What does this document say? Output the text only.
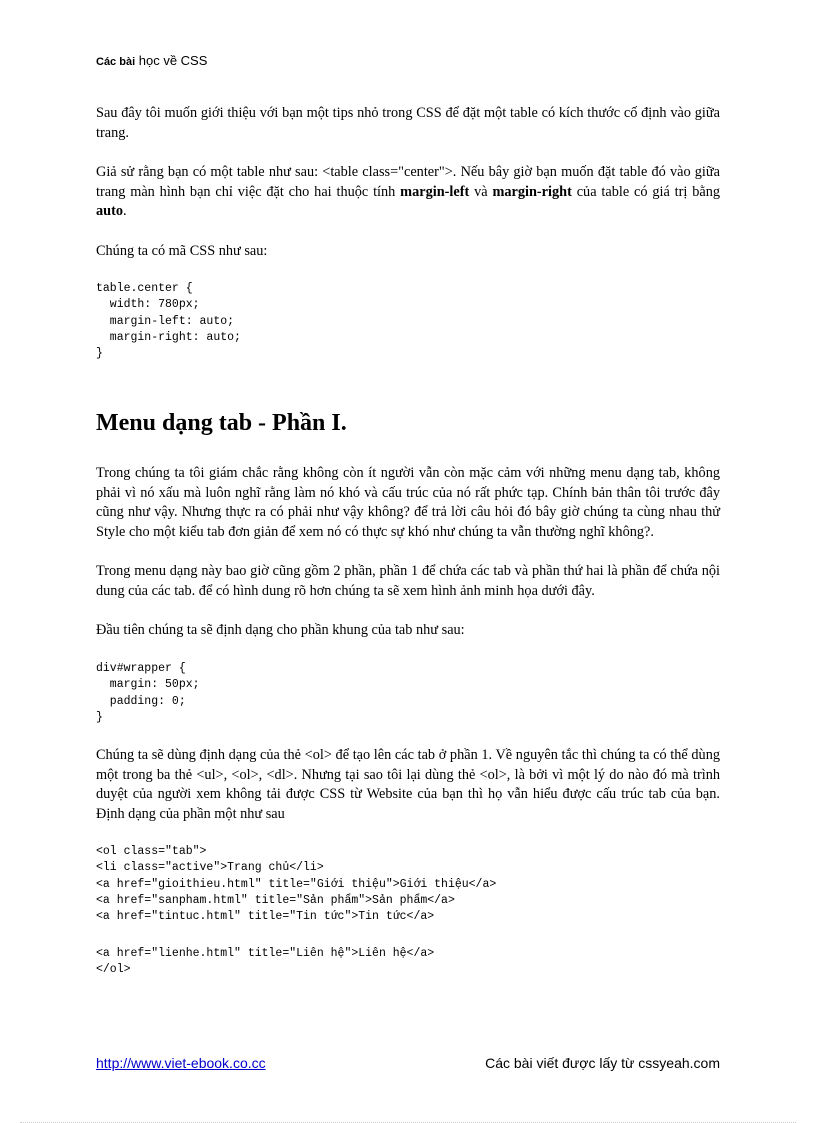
Các bài học về CSS

Sau đây tôi muốn giới thiệu với bạn một tips nhỏ trong CSS để đặt một table có kích thước cố định vào giữa trang.

Giả sử rằng bạn có một table như sau: <table class="center">. Nếu bây giờ bạn muốn đặt table đó vào giữa trang màn hình bạn chỉ việc đặt cho hai thuộc tính margin-left và margin-right của table có giá trị bằng auto.

Chúng ta có mã CSS như sau:

table.center {
width: 780px;
margin-left: auto;
margin-right: auto;
}
Menu dạng tab - Phần I.

Trong chúng ta tôi giám chắc rằng không còn ít người vẫn còn mặc cảm với những menu dạng tab, không phải vì nó xấu mà luôn nghĩ rằng làm nó khó và cấu trúc của nó rất phức tạp. Chính bản thân tôi trước đây cũng như vậy. Nhưng thực ra có phải như vậy không? để trả lời câu hỏi đó bây giờ chúng ta cùng nhau thử Style cho một kiểu tab đơn giản để xem nó có thực sự khó như chúng ta vẫn thường nghĩ không?.

Trong menu dạng này bao giờ cũng gồm 2 phần, phần 1 để chứa các tab và phần thứ hai là phần để chứa nội dung của các tab. để có hình dung rõ hơn chúng ta sẽ xem hình ảnh minh họa dưới đây.

Đầu tiên chúng ta sẽ định dạng cho phần khung của tab như sau:

div#wrapper {
margin: 50px;
padding: 0;
}

Chúng ta sẽ dùng định dạng của thẻ <ol> để tạo lên các tab ở phần 1. Về nguyên tắc thì chúng ta có thể dùng một trong ba thẻ <ul>, <ol>, <dl>. Nhưng tại sao tôi lại dùng thẻ <ol>, là bởi vì một lý do nào đó mà trình duyệt của người xem không tải được CSS từ Website của bạn thì họ vẫn hiểu được cấu trúc tab của bạn. Định dạng của phần một như sau

<ol class="tab">
<li class="active">Trang chủ</li>
<a href="gioithieu.html" title="Giới thiệu">Giới thiệu</a>
<a href="sanpham.html" title="Sản phẩm">Sản phẩm</a>
<a href="tintuc.html" title="Tin tức">Tin tức</a>
<a href="lienhe.html" title="Liên hệ">Liên hệ</a>
</ol>
http://www.viet-ebook.co.cc	Các bài viết được lấy từ cssyeah.com
